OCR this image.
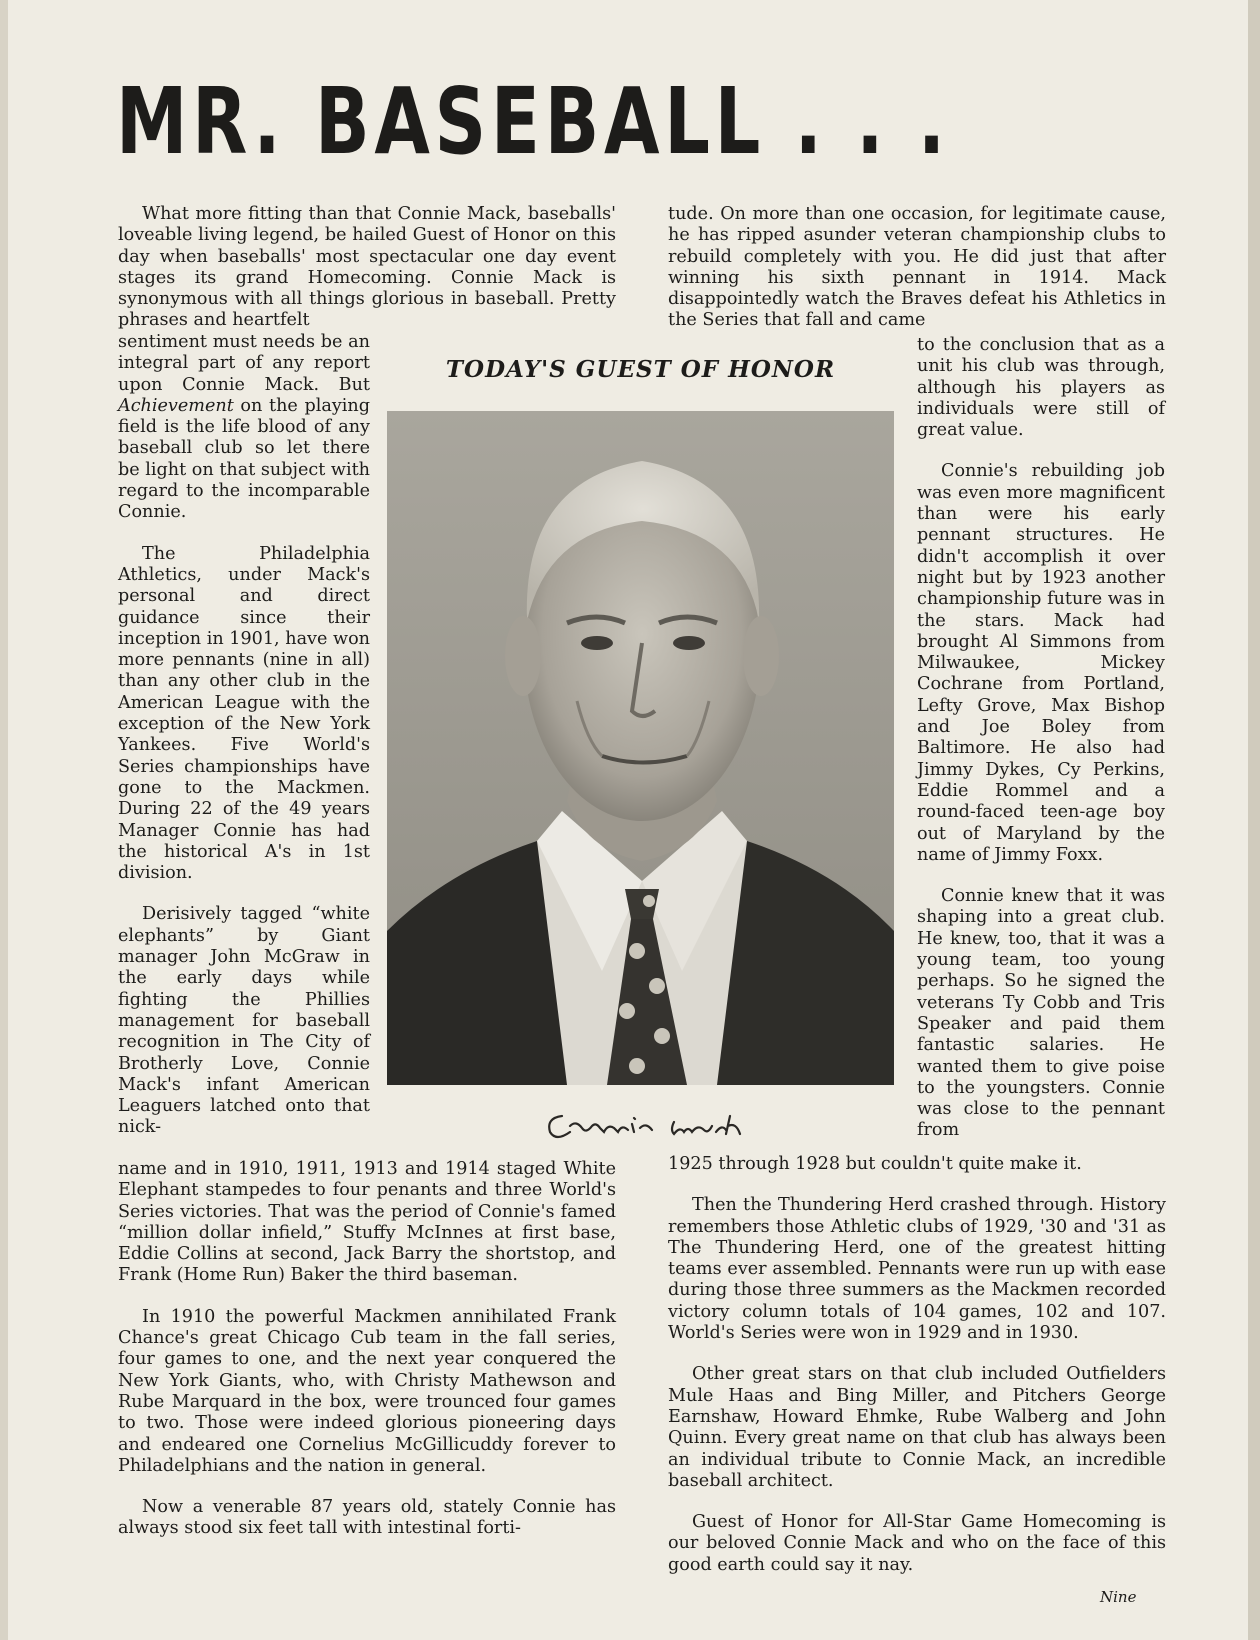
MR. BASEBALL . . .

What more fitting than that Connie Mack, baseballs' loveable living legend, be hailed Guest of Honor on this day when baseballs' most spectacular one day event stages its grand Homecoming. Connie Mack is synonymous with all things glorious in baseball. Pretty phrases and heartfelt

sentiment must needs be an integral part of any report upon Connie Mack. But Achievement on the playing field is the life blood of any baseball club so let there be light on that subject with regard to the incomparable Connie.

The Philadelphia Athletics, under Mack's personal and direct guidance since their inception in 1901, have won more pennants (nine in all) than any other club in the American League with the exception of the New York Yankees. Five World's Series championships have gone to the Mackmen. During 22 of the 49 years Manager Connie has had the historical A's in 1st division.

Derisively tagged “white elephants” by Giant manager John McGraw in the early days while fighting the Phillies management for baseball recognition in The City of Brotherly Love, Connie Mack's infant American Leaguers latched onto that nick-

name and in 1910, 1911, 1913 and 1914 staged White Elephant stampedes to four penants and three World's Series victories. That was the period of Connie's famed “million dollar infield,” Stuffy McInnes at first base, Eddie Collins at second, Jack Barry the shortstop, and Frank (Home Run) Baker the third baseman.

In 1910 the powerful Mackmen annihilated Frank Chance's great Chicago Cub team in the fall series, four games to one, and the next year conquered the New York Giants, who, with Christy Mathewson and Rube Marquard in the box, were trounced four games to two. Those were indeed glorious pioneering days and endeared one Cornelius McGillicuddy forever to Philadelphians and the nation in general.

Now a venerable 87 years old, stately Connie has always stood six feet tall with intestinal forti-

tude. On more than one occasion, for legitimate cause, he has ripped asunder veteran championship clubs to rebuild completely with you. He did just that after winning his sixth pennant in 1914. Mack disappointedly watch the Braves defeat his Athletics in the Series that fall and came

to the conclusion that as a unit his club was through, although his players as individuals were still of great value.

Connie's rebuilding job was even more magnificent than were his early pennant structures. He didn't accomplish it over night but by 1923 another championship future was in the stars. Mack had brought Al Simmons from Milwaukee, Mickey Cochrane from Portland, Lefty Grove, Max Bishop and Joe Boley from Baltimore. He also had Jimmy Dykes, Cy Perkins, Eddie Rommel and a round-faced teen-age boy out of Maryland by the name of Jimmy Foxx.

Connie knew that it was shaping into a great club. He knew, too, that it was a young team, too young perhaps. So he signed the veterans Ty Cobb and Tris Speaker and paid them fantastic salaries. He wanted them to give poise to the youngsters. Connie was close to the pennant from

1925 through 1928 but couldn't quite make it.

Then the Thundering Herd crashed through. History remembers those Athletic clubs of 1929, '30 and '31 as The Thundering Herd, one of the greatest hitting teams ever assembled. Pennants were run up with ease during those three summers as the Mackmen recorded victory column totals of 104 games, 102 and 107. World's Series were won in 1929 and in 1930.

Other great stars on that club included Outfielders Mule Haas and Bing Miller, and Pitchers George Earnshaw, Howard Ehmke, Rube Walberg and John Quinn. Every great name on that club has always been an individual tribute to Connie Mack, an incredible baseball architect.

Guest of Honor for All-Star Game Homecoming is our beloved Connie Mack and who on the face of this good earth could say it nay.

TODAY'S GUEST OF HONOR

Nine
